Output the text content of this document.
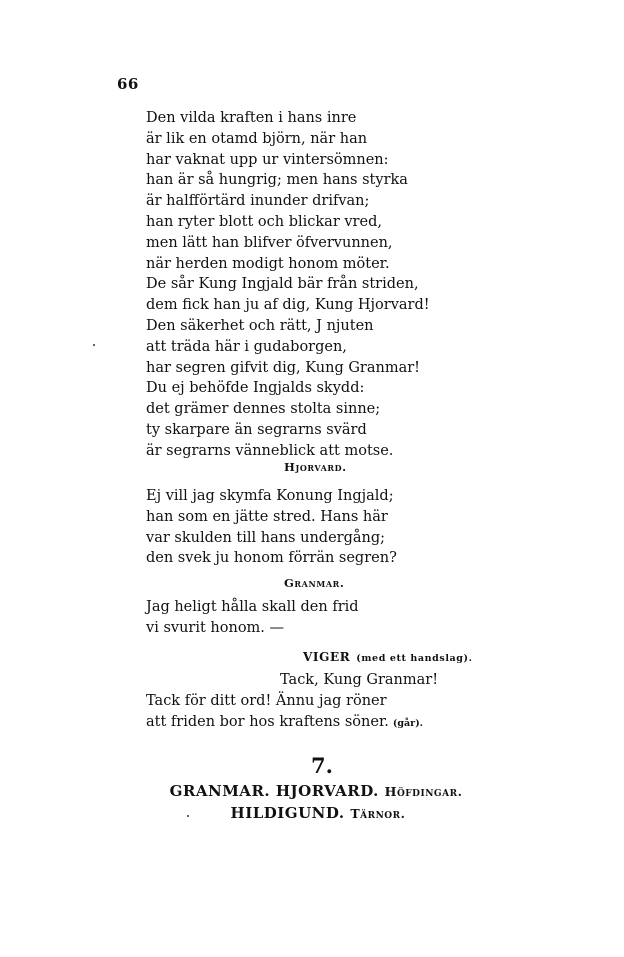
66
Den vilda kraften i hans inre
är lik en otamd björn, när han
har vaknat upp ur vintersömnen:
han är så hungrig; men hans styrka
är halfförtärd inunder drifvan;
han ryter blott och blickar vred,
men lätt han blifver öfvervunnen,
när herden modigt honom möter.
De sår Kung Ingjald bär från striden,
dem fick han ju af dig, Kung Hjorvard!
Den säkerhet och rätt, J njuten
att träda här i gudaborgen,
har segren gifvit dig, Kung Granmar!
Du ej behöfde Ingjalds skydd:
det grämer dennes stolta sinne;
ty skarpare än segrarns svärd
är segrarns vänneblick att motse.
Hjorvard.
Ej vill jag skymfa Konung Ingjald;
han som en jätte stred. Hans här
var skulden till hans undergång;
den svek ju honom förrän segren?
Granmar.
Jag heligt hålla skall den frid
vi svurit honom. —
VIGER (med ett handslag).
Tack, Kung Granmar!
Tack för ditt ord! Ännu jag röner
att friden bor hos kraftens söner. (går).
7.
GRANMAR. HJORVARD. Höfdingar.
HILDIGUND. Tärnor.
